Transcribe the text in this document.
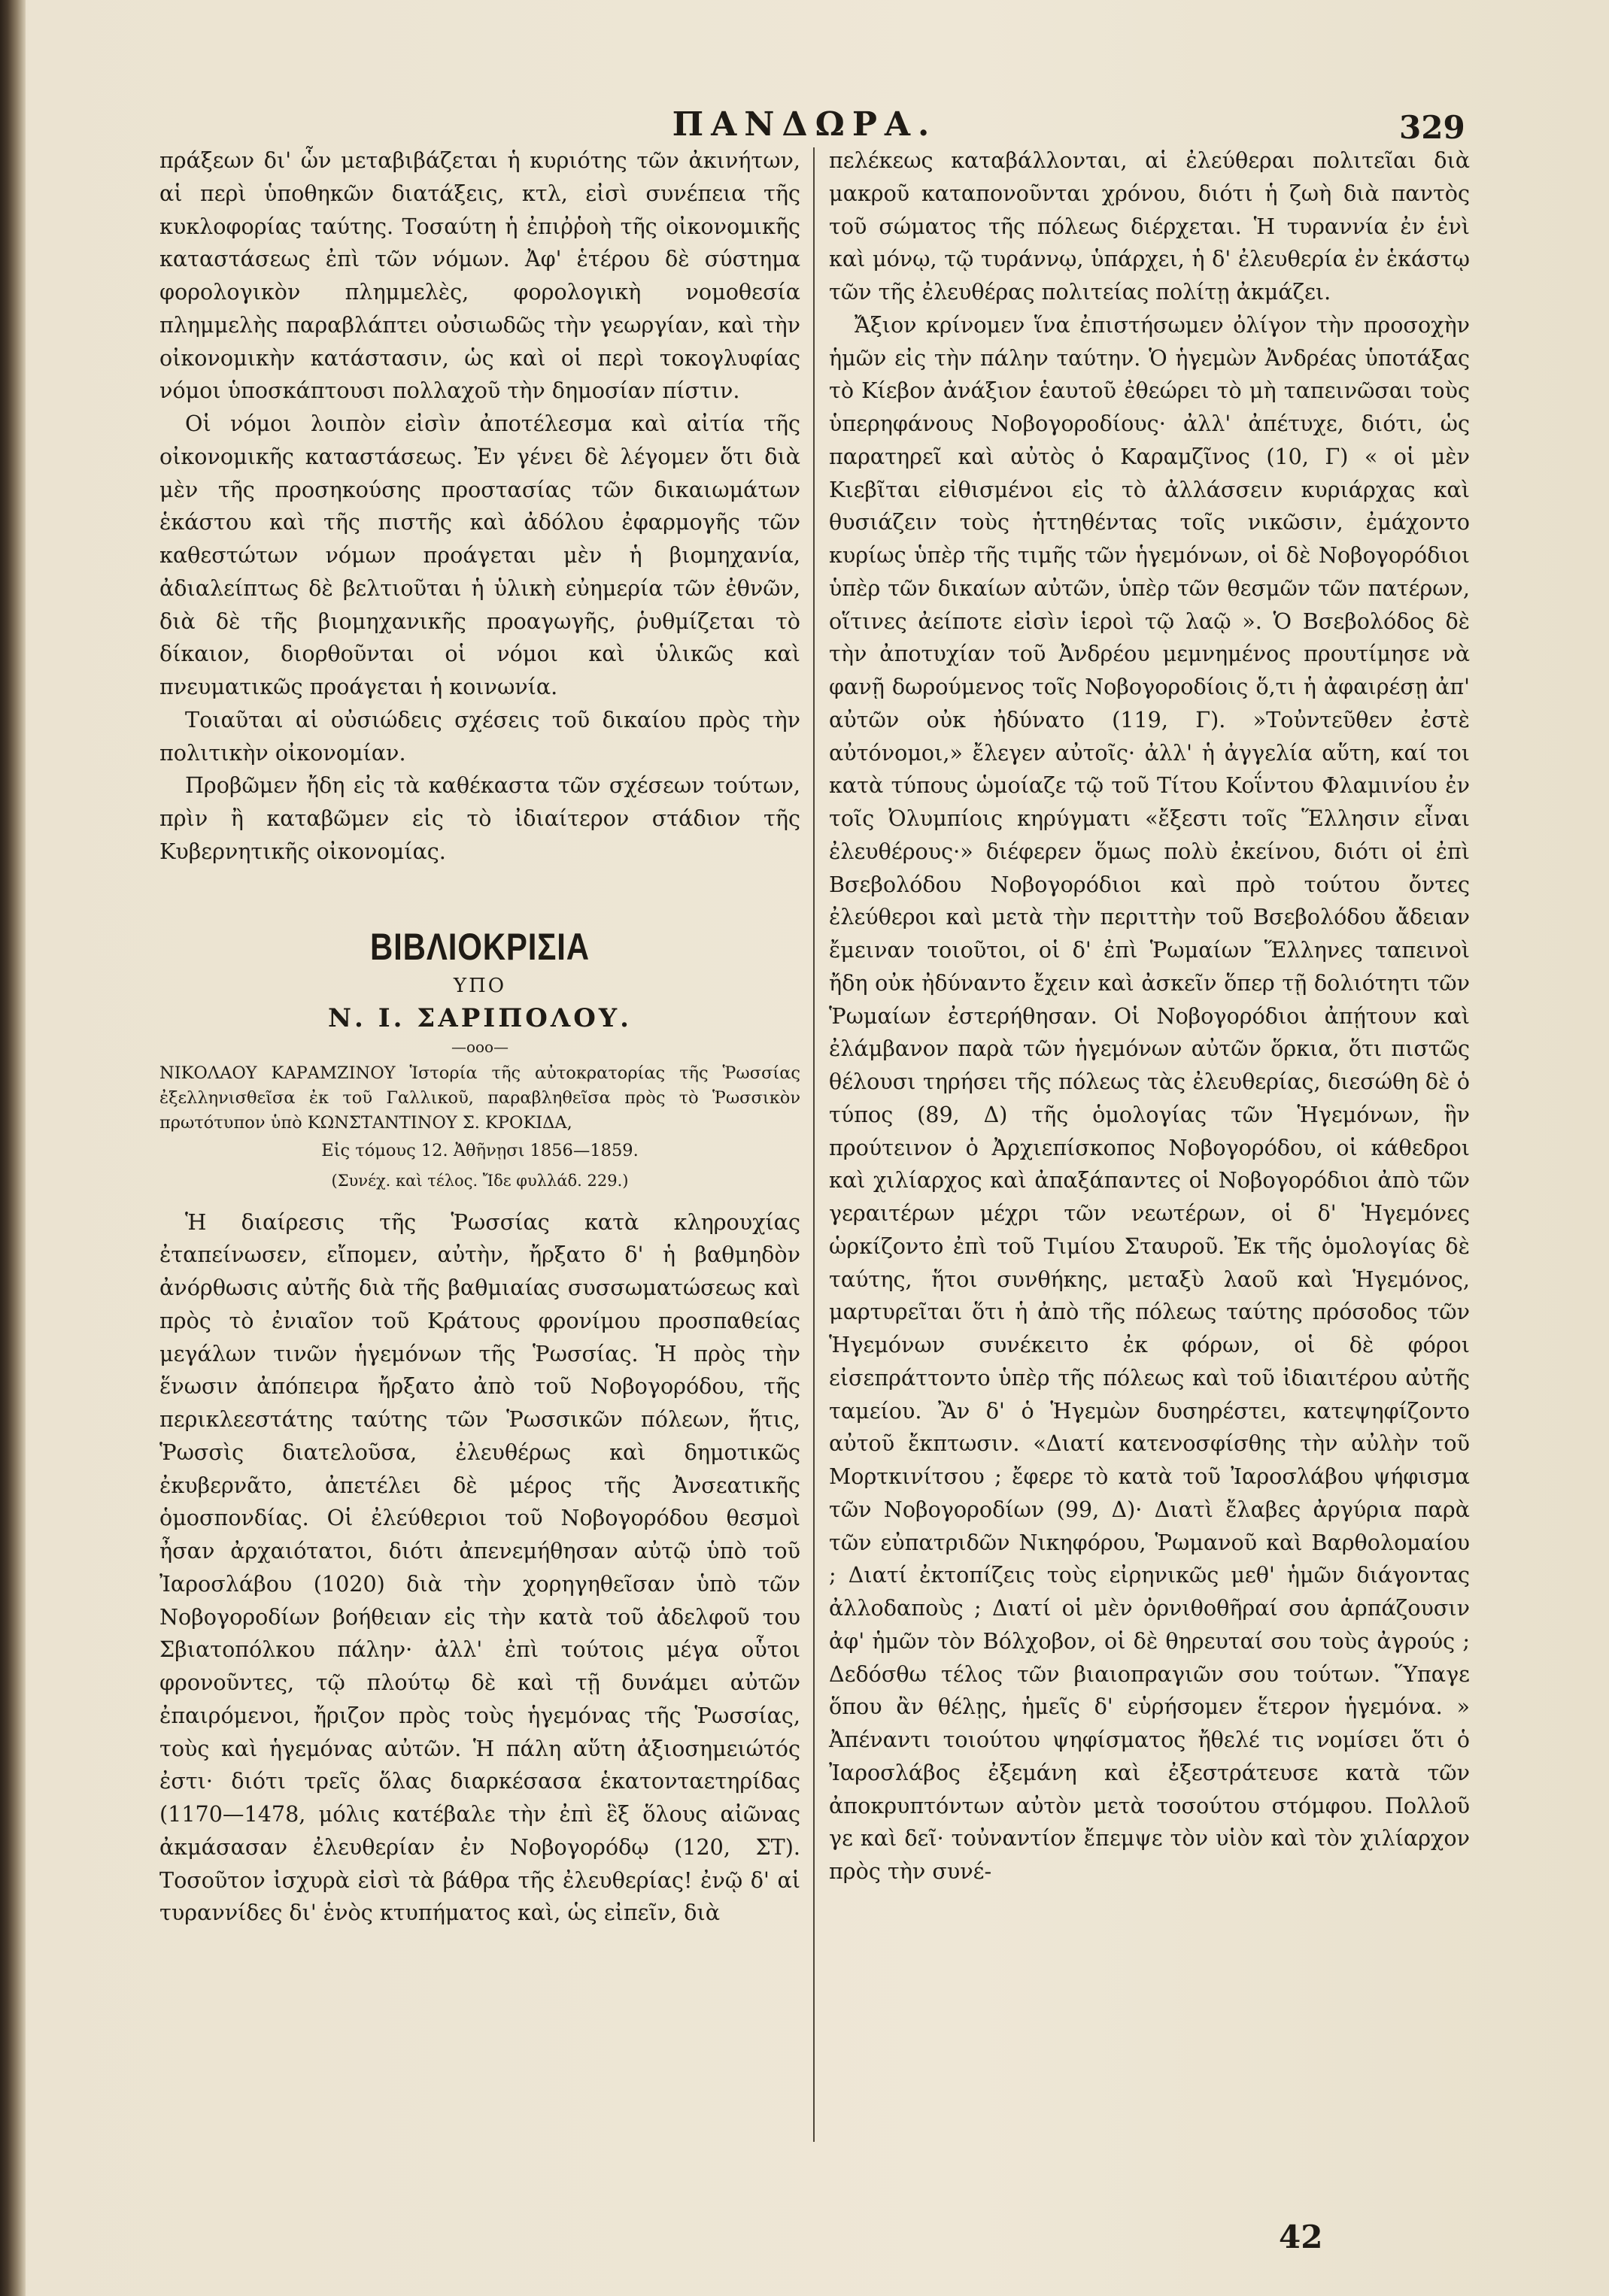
ΠΑΝΔΩΡΑ.	329

πράξεων δι' ὧν μεταβιβάζεται ἡ κυριότης τῶν ἀκινήτων, αἱ περὶ ὑποθηκῶν διατάξεις, κτλ, εἰσὶ συνέπεια τῆς κυκλοφορίας ταύτης. Τοσαύτη ἡ ἐπιῤῥοὴ τῆς οἰκονομικῆς καταστάσεως ἐπὶ τῶν νόμων. Ἀφ' ἑτέρου δὲ σύστημα φορολογικὸν πλημμελὲς, φορολογικὴ νομοθεσία πλημμελὴς παραβλάπτει οὐσιωδῶς τὴν γεωργίαν, καὶ τὴν οἰκονομικὴν κατάστασιν, ὡς καὶ οἱ περὶ τοκογλυφίας νόμοι ὑποσκάπτουσι πολλαχοῦ τὴν δημοσίαν πίστιν.

Οἱ νόμοι λοιπὸν εἰσὶν ἀποτέλεσμα καὶ αἰτία τῆς οἰκονομικῆς καταστάσεως. Ἐν γένει δὲ λέγομεν ὅτι διὰ μὲν τῆς προσηκούσης προστασίας τῶν δικαιωμάτων ἑκάστου καὶ τῆς πιστῆς καὶ ἀδόλου ἐφαρμογῆς τῶν καθεστώτων νόμων προάγεται μὲν ἡ βιομηχανία, ἀδιαλείπτως δὲ βελτιοῦται ἡ ὑλικὴ εὐημερία τῶν ἐθνῶν, διὰ δὲ τῆς βιομηχανικῆς προαγωγῆς, ῥυθμίζεται τὸ δίκαιον, διορθοῦνται οἱ νόμοι καὶ ὑλικῶς καὶ πνευματικῶς προάγεται ἡ κοινωνία.

Τοιαῦται αἱ οὐσιώδεις σχέσεις τοῦ δικαίου πρὸς τὴν πολιτικὴν οἰκονομίαν.

Προβῶμεν ἤδη εἰς τὰ καθέκαστα τῶν σχέσεων τούτων, πρὶν ἢ καταβῶμεν εἰς τὸ ἰδιαίτερον στάδιον τῆς Κυβερνητικῆς οἰκονομίας.

ΒΙΒΛΙΟΚΡΙΣΙΑ
ΥΠΟ
Ν. Ι. ΣΑΡΙΠΟΛΟΥ.
—ooo—
ΝΙΚΟΛΑΟΥ ΚΑΡΑΜΖΙΝΟΥ Ἱστορία τῆς αὐτοκρατορίας τῆς Ῥωσσίας ἐξελληνισθεῖσα ἐκ τοῦ Γαλλικοῦ, παραβληθεῖσα πρὸς τὸ Ῥωσσικὸν πρωτότυπον ὑπὸ ΚΩΝΣΤΑΝΤΙΝΟΥ Σ. ΚΡΟΚΙΔΑ,
Εἰς τόμους 12. Ἀθῆνῃσι 1856—1859.
(Συνέχ. καὶ τέλος. Ἴδε φυλλάδ. 229.)

Ἡ διαίρεσις τῆς Ῥωσσίας κατὰ κληρουχίας ἐταπείνωσεν, εἴπομεν, αὐτὴν, ἤρξατο δ' ἡ βαθμηδὸν ἀνόρθωσις αὐτῆς διὰ τῆς βαθμιαίας συσσωματώσεως καὶ πρὸς τὸ ἐνιαῖον τοῦ Κράτους φρονίμου προσπαθείας μεγάλων τινῶν ἡγεμόνων τῆς Ῥωσσίας. Ἡ πρὸς τὴν ἕνωσιν ἀπόπειρα ἤρξατο ἀπὸ τοῦ Νοβογορόδου, τῆς περικλεεστάτης ταύτης τῶν Ῥωσσικῶν πόλεων, ἥτις, Ῥωσσὶς διατελοῦσα, ἐλευθέρως καὶ δημοτικῶς ἐκυβερνᾶτο, ἀπετέλει δὲ μέρος τῆς Ἀνσεατικῆς ὁμοσπονδίας. Οἱ ἐλεύθεριοι τοῦ Νοβογορόδου θεσμοὶ ἦσαν ἀρχαιότατοι, διότι ἀπενεμήθησαν αὐτῷ ὑπὸ τοῦ Ἰαροσλάβου (1020) διὰ τὴν χορηγηθεῖσαν ὑπὸ τῶν Νοβογοροδίων βοήθειαν εἰς τὴν κατὰ τοῦ ἀδελφοῦ του Σβιατοπόλκου πάλην· ἀλλ' ἐπὶ τούτοις μέγα οὗτοι φρονοῦντες, τῷ πλούτῳ δὲ καὶ τῇ δυνάμει αὐτῶν ἐπαιρόμενοι, ἤριζον πρὸς τοὺς ἡγεμόνας τῆς Ῥωσσίας, τοὺς καὶ ἡγεμόνας αὐτῶν. Ἡ πάλη αὕτη ἀξιοσημειώτός ἐστι· διότι τρεῖς ὅλας διαρκέσασα ἑκατονταετηρίδας (1170—1478, μόλις κατέβαλε τὴν ἐπὶ ἓξ ὅλους αἰῶνας ἀκμάσασαν ἐλευθερίαν ἐν Νοβογορόδῳ (120, ΣΤ). Τοσοῦτον ἰσχυρὰ εἰσὶ τὰ βάθρα τῆς ἐλευθερίας! ἐνῷ δ' αἱ τυραννίδες δι' ἑνὸς κτυπήματος καὶ, ὡς εἰπεῖν, διὰ

πελέκεως καταβάλλονται, αἱ ἐλεύθεραι πολιτεῖαι διὰ μακροῦ καταπονοῦνται χρόνου, διότι ἡ ζωὴ διὰ παντὸς τοῦ σώματος τῆς πόλεως διέρχεται. Ἡ τυραννία ἐν ἑνὶ καὶ μόνῳ, τῷ τυράννῳ, ὑπάρχει, ἡ δ' ἐλευθερία ἐν ἑκάστῳ τῶν τῆς ἐλευθέρας πολιτείας πολίτῃ ἀκμάζει.

Ἄξιον κρίνομεν ἵνα ἐπιστήσωμεν ὀλίγον τὴν προσοχὴν ἡμῶν εἰς τὴν πάλην ταύτην. Ὁ ἡγεμὼν Ἀνδρέας ὑποτάξας τὸ Κίεβον ἀνάξιον ἑαυτοῦ ἐθεώρει τὸ μὴ ταπεινῶσαι τοὺς ὑπερηφάνους Νοβογοροδίους· ἀλλ' ἀπέτυχε, διότι, ὡς παρατηρεῖ καὶ αὐτὸς ὁ Καραμζῖνος (10, Γ) « οἱ μὲν Κιεβῖται εἰθισμένοι εἰς τὸ ἀλλάσσειν κυριάρχας καὶ θυσιάζειν τοὺς ἡττηθέντας τοῖς νικῶσιν, ἐμάχοντο κυρίως ὑπὲρ τῆς τιμῆς τῶν ἡγεμόνων, οἱ δὲ Νοβογορόδιοι ὑπὲρ τῶν δικαίων αὐτῶν, ὑπὲρ τῶν θεσμῶν τῶν πατέρων, οἵτινες ἀείποτε εἰσὶν ἱεροὶ τῷ λαῷ ». Ὁ Βσεβολόδος δὲ τὴν ἀποτυχίαν τοῦ Ἀνδρέου μεμνημένος προυτίμησε νὰ φανῇ δωρούμενος τοῖς Νοβογοροδίοις ὅ,τι ἡ ἀφαιρέσῃ ἀπ' αὐτῶν οὐκ ἠδύνατο (119, Γ). »Τοὐντεῦθεν ἐστὲ αὐτόνομοι,» ἔλεγεν αὐτοῖς· ἀλλ' ἡ ἀγγελία αὕτη, καί τοι κατὰ τύπους ὡμοίαζε τῷ τοῦ Τίτου Κοΐντου Φλαμινίου ἐν τοῖς Ὀλυμπίοις κηρύγματι «ἔξεστι τοῖς Ἕλλησιν εἶναι ἐλευθέρους·» διέφερεν ὅμως πολὺ ἐκείνου, διότι οἱ ἐπὶ Βσεβολόδου Νοβογορόδιοι καὶ πρὸ τούτου ὄντες ἐλεύθεροι καὶ μετὰ τὴν περιττὴν τοῦ Βσεβολόδου ἄδειαν ἔμειναν τοιοῦτοι, οἱ δ' ἐπὶ Ῥωμαίων Ἕλληνες ταπεινοὶ ἤδη οὐκ ἠδύναντο ἔχειν καὶ ἀσκεῖν ὅπερ τῇ δολιότητι τῶν Ῥωμαίων ἐστερήθησαν. Οἱ Νοβογορόδιοι ἀπῄτουν καὶ ἐλάμβανον παρὰ τῶν ἡγεμόνων αὐτῶν ὅρκια, ὅτι πιστῶς θέλουσι τηρήσει τῆς πόλεως τὰς ἐλευθερίας, διεσώθη δὲ ὁ τύπος (89, Δ) τῆς ὁμολογίας τῶν Ἡγεμόνων, ἣν προύτεινον ὁ Ἀρχιεπίσκοπος Νοβογορόδου, οἱ κάθεδροι καὶ χιλίαρχος καὶ ἀπαξάπαντες οἱ Νοβογορόδιοι ἀπὸ τῶν γεραιτέρων μέχρι τῶν νεωτέρων, οἱ δ' Ἡγεμόνες ὡρκίζοντο ἐπὶ τοῦ Τιμίου Σταυροῦ. Ἐκ τῆς ὁμολογίας δὲ ταύτης, ἥτοι συνθήκης, μεταξὺ λαοῦ καὶ Ἡγεμόνος, μαρτυρεῖται ὅτι ἡ ἀπὸ τῆς πόλεως ταύτης πρόσοδος τῶν Ἡγεμόνων συνέκειτο ἐκ φόρων, οἱ δὲ φόροι εἰσεπράττοντο ὑπὲρ τῆς πόλεως καὶ τοῦ ἰδιαιτέρου αὐτῆς ταμείου. Ἂν δ' ὁ Ἡγεμὼν δυσηρέστει, κατεψηφίζοντο αὐτοῦ ἔκπτωσιν. «Διατί κατενοσφίσθης τὴν αὐλὴν τοῦ Μορτκινίτσου ; ἔφερε τὸ κατὰ τοῦ Ἰαροσλάβου ψήφισμα τῶν Νοβογοροδίων (99, Δ)· Διατὶ ἔλαβες ἀργύρια παρὰ τῶν εὐπατριδῶν Νικηφόρου, Ῥωμανοῦ καὶ Βαρθολομαίου ; Διατί ἐκτοπίζεις τοὺς εἰρηνικῶς μεθ' ἡμῶν διάγοντας ἀλλοδαποὺς ; Διατί οἱ μὲν ὀρνιθοθῆραί σου ἁρπάζουσιν ἀφ' ἡμῶν τὸν Βόλχοβον, οἱ δὲ θηρευταί σου τοὺς ἀγρούς ; Δεδόσθω τέλος τῶν βιαιοπραγιῶν σου τούτων. Ὕπαγε ὅπου ἂν θέλῃς, ἡμεῖς δ' εὑρήσομεν ἕτερον ἡγεμόνα. » Ἀπέναντι τοιούτου ψηφίσματος ἤθελέ τις νομίσει ὅτι ὁ Ἰαροσλάβος ἐξεμάνη καὶ ἐξεστράτευσε κατὰ τῶν ἀποκρυπτόντων αὐτὸν μετὰ τοσούτου στόμφου. Πολλοῦ γε καὶ δεῖ· τοὐναντίον ἔπεμψε τὸν υἱὸν καὶ τὸν χιλίαρχον πρὸς τὴν συνέ-

42
